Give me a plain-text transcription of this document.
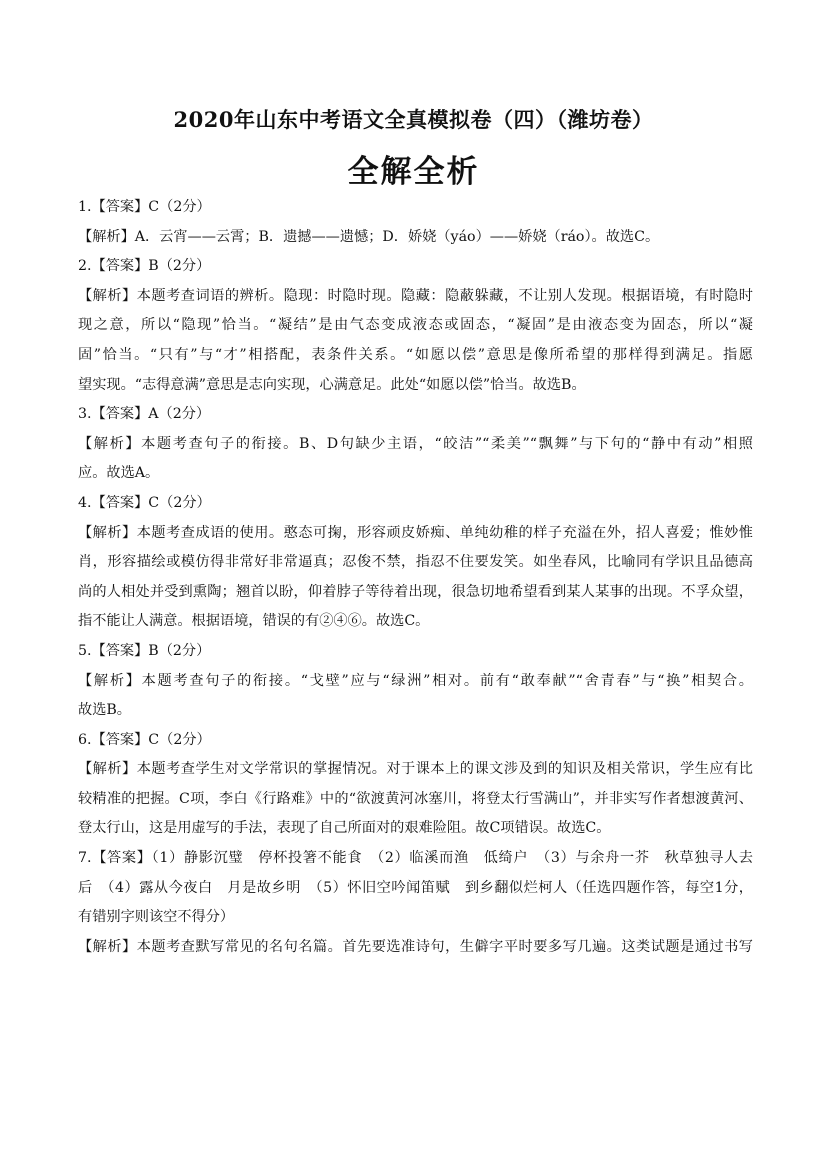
2020年山东中考语文全真模拟卷（四）（潍坊卷）
全解全析
1.【答案】C（2分）
【解析】A．云宵——云霄；B．遗撼——遗憾；D．娇娆（yáo）——娇娆（ráo）。故选C。
2.【答案】B（2分）
【解析】本题考查词语的辨析。隐现：时隐时现。隐藏：隐蔽躲藏，不让别人发现。根据语境，有时隐时
现之意，所以“隐现”恰当。“凝结”是由气态变成液态或固态，“凝固”是由液态变为固态，所以“凝
固”恰当。“只有”与“才”相搭配，表条件关系。“如愿以偿”意思是像所希望的那样得到满足。指愿
望实现。“志得意满”意思是志向实现，心满意足。此处“如愿以偿”恰当。故选B。
3.【答案】A（2分）
【解析】本题考查句子的衔接。B、D句缺少主语，“皎洁”“柔美”“飘舞”与下句的“静中有动”相照
应。故选A。
4.【答案】C（2分）
【解析】本题考查成语的使用。憨态可掬，形容顽皮娇痴、单纯幼稚的样子充溢在外，招人喜爱；惟妙惟
肖，形容描绘或模仿得非常好非常逼真；忍俊不禁，指忍不住要发笑。如坐春风，比喻同有学识且品德高
尚的人相处并受到熏陶；翘首以盼，仰着脖子等待着出现，很急切地希望看到某人某事的出现。不孚众望，
指不能让人满意。根据语境，错误的有②④⑥。故选C。
5.【答案】B（2分）
【解析】本题考查句子的衔接。“戈壁”应与“绿洲”相对。前有“敢奉献”“舍青春”与“换”相契合。
故选B。
6.【答案】C（2分）
【解析】本题考查学生对文学常识的掌握情况。对于课本上的课文涉及到的知识及相关常识，学生应有比
较精准的把握。C项，李白《行路难》中的“欲渡黄河冰塞川，将登太行雪满山”，并非实写作者想渡黄河、
登太行山，这是用虚写的手法，表现了自己所面对的艰难险阻。故C项错误。故选C。
7.【答案】（1）静影沉璧　停杯投箸不能食　（2）临溪而渔　低绮户　（3）与余舟一芥　秋草独寻人去
后　（4）露从今夜白　月是故乡明　（5）怀旧空吟闻笛赋　到乡翻似烂柯人（任选四题作答，每空1分，
有错别字则该空不得分）
【解析】本题考查默写常见的名句名篇。首先要选准诗句，生僻字平时要多写几遍。这类试题是通过书写
